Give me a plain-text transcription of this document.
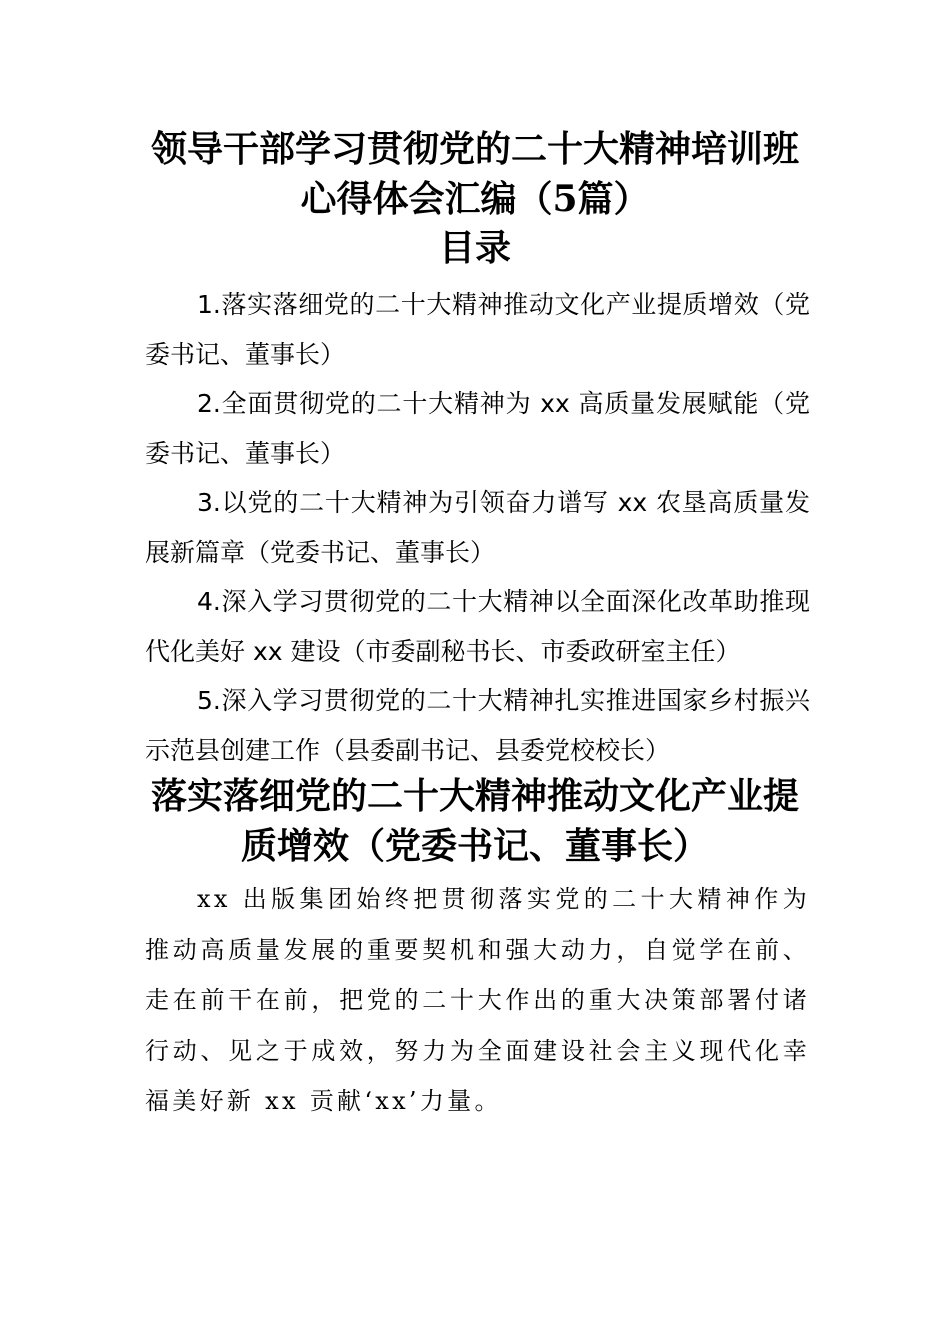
领导干部学习贯彻党的二十大精神培训班
心得体会汇编（5篇）
目录

1.落实落细党的二十大精神推动文化产业提质增效（党委书记、董事长）

2.全面贯彻党的二十大精神为 xx 高质量发展赋能（党委书记、董事长）

3.以党的二十大精神为引领奋力谱写 xx 农垦高质量发展新篇章（党委书记、董事长）

4.深入学习贯彻党的二十大精神以全面深化改革助推现代化美好 xx 建设（市委副秘书长、市委政研室主任）

5.深入学习贯彻党的二十大精神扎实推进国家乡村振兴示范县创建工作（县委副书记、县委党校校长）

落实落细党的二十大精神推动文化产业提
质增效（党委书记、董事长）

xx 出版集团始终把贯彻落实党的二十大精神作为推动高质量发展的重要契机和强大动力，自觉学在前、走在前干在前，把党的二十大作出的重大决策部署付诸行动、见之于成效，努力为全面建设社会主义现代化幸福美好新 xx 贡献‘xx’力量。
